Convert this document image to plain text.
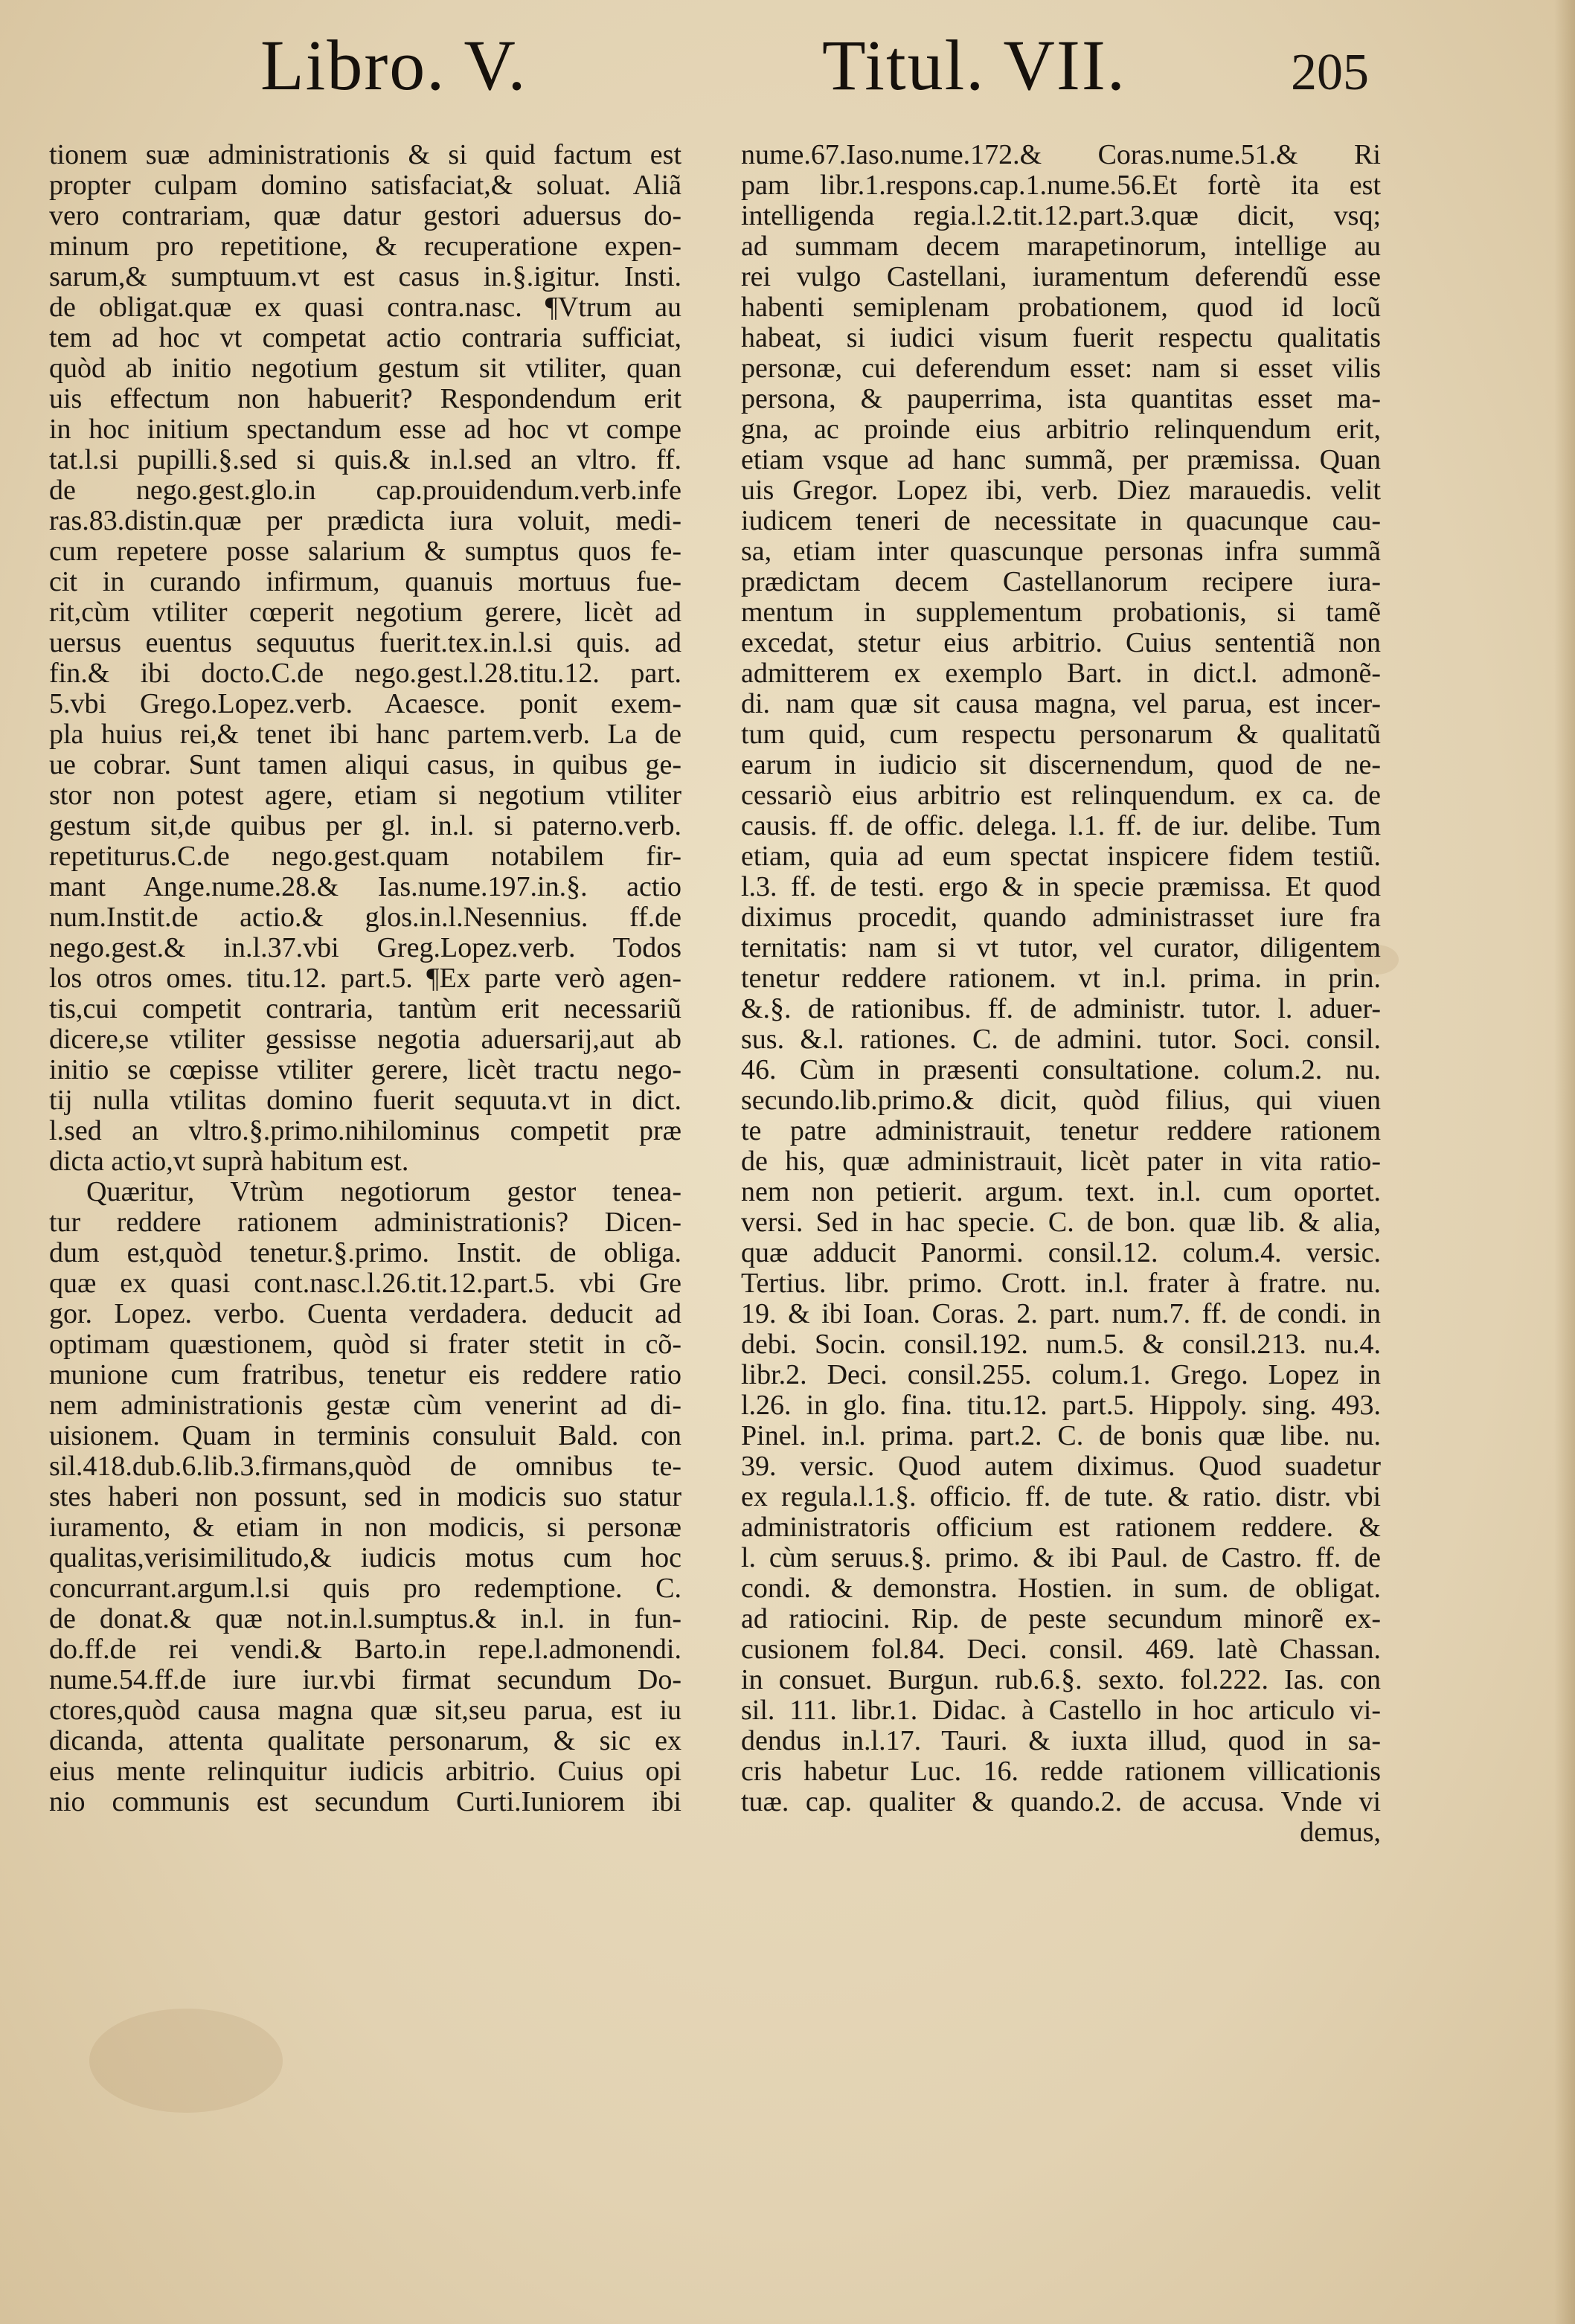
Libro. V.	Titul. VII.	205
tionem suæ administrationis & si quid factum est
propter culpam domino satisfaciat,& soluat. Aliã
vero contrariam, quæ datur gestori aduersus do-
minum pro repetitione, & recuperatione expen-
sarum,& sumptuum.vt est casus in.§.igitur. Insti.
de obligat.quæ ex quasi contra.nasc. ¶Vtrum au
tem ad hoc vt competat actio contraria sufficiat,
quòd ab initio negotium gestum sit vtiliter, quan
uis effectum non habuerit? Respondendum erit
in hoc initium spectandum esse ad hoc vt compe
tat.l.si pupilli.§.sed si quis.& in.l.sed an vltro. ff.
de nego.gest.glo.in cap.prouidendum.verb.infe
ras.83.distin.quæ per prædicta iura voluit, medi-
cum repetere posse salarium & sumptus quos fe-
cit in curando infirmum, quanuis mortuus fue-
rit,cùm vtiliter cœperit negotium gerere, licèt ad
uersus euentus sequutus fuerit.tex.in.l.si quis. ad
fin.& ibi docto.C.de nego.gest.l.28.titu.12. part.
5.vbi Grego.Lopez.verb. Acaesce. ponit exem-
pla huius rei,& tenet ibi hanc partem.verb. La de
ue cobrar. Sunt tamen aliqui casus, in quibus ge-
stor non potest agere, etiam si negotium vtiliter
gestum sit,de quibus per gl. in.l. si paterno.verb.
repetiturus.C.de nego.gest.quam notabilem fir-
mant Ange.nume.28.& Ias.nume.197.in.§. actio
num.Instit.de actio.& glos.in.l.Nesennius. ff.de
nego.gest.& in.l.37.vbi Greg.Lopez.verb. Todos
los otros omes. titu.12. part.5. ¶Ex parte verò agen-
tis,cui competit contraria, tantùm erit necessariũ
dicere,se vtiliter gessisse negotia aduersarij,aut ab
initio se cœpisse vtiliter gerere, licèt tractu nego-
tij nulla vtilitas domino fuerit sequuta.vt in dict.
l.sed an vltro.§.primo.nihilominus competit præ
dicta actio,vt suprà habitum est.
Quæritur, Vtrùm negotiorum gestor tenea-
tur reddere rationem administrationis? Dicen-
dum est,quòd tenetur.§.primo. Instit. de obliga.
quæ ex quasi cont.nasc.l.26.tit.12.part.5. vbi Gre
gor. Lopez. verbo. Cuenta verdadera. deducit ad
optimam quæstionem, quòd si frater stetit in cõ-
munione cum fratribus, tenetur eis reddere ratio
nem administrationis gestæ cùm venerint ad di-
uisionem. Quam in terminis consuluit Bald. con
sil.418.dub.6.lib.3.firmans,quòd de omnibus te-
stes haberi non possunt, sed in modicis suo statur
iuramento, & etiam in non modicis, si personæ
qualitas,verisimilitudo,& iudicis motus cum hoc
concurrant.argum.l.si quis pro redemptione. C.
de donat.& quæ not.in.l.sumptus.& in.l. in fun-
do.ff.de rei vendi.& Barto.in repe.l.admonendi.
nume.54.ff.de iure iur.vbi firmat secundum Do-
ctores,quòd causa magna quæ sit,seu parua, est iu
dicanda, attenta qualitate personarum, & sic ex
eius mente relinquitur iudicis arbitrio. Cuius opi
nio communis est secundum Curti.Iuniorem ibi
nume.67.Iaso.nume.172.& Coras.nume.51.& Ri
pam libr.1.respons.cap.1.nume.56.Et fortè ita est
intelligenda regia.l.2.tit.12.part.3.quæ dicit, vsq;
ad summam decem marapetinorum, intellige au
rei vulgo Castellani, iuramentum deferendũ esse
habenti semiplenam probationem, quod id locũ
habeat, si iudici visum fuerit respectu qualitatis
personæ, cui deferendum esset: nam si esset vilis
persona, & pauperrima, ista quantitas esset ma-
gna, ac proinde eius arbitrio relinquendum erit,
etiam vsque ad hanc summã, per præmissa. Quan
uis Gregor. Lopez ibi, verb. Diez marauedis. velit
iudicem teneri de necessitate in quacunque cau-
sa, etiam inter quascunque personas infra summã
prædictam decem Castellanorum recipere iura-
mentum in supplementum probationis, si tamẽ
excedat, stetur eius arbitrio. Cuius sententiã non
admitterem ex exemplo Bart. in dict.l. admonẽ-
di. nam quæ sit causa magna, vel parua, est incer-
tum quid, cum respectu personarum & qualitatũ
earum in iudicio sit discernendum, quod de ne-
cessariò eius arbitrio est relinquendum. ex ca. de
causis. ff. de offic. delega. l.1. ff. de iur. delibe. Tum
etiam, quia ad eum spectat inspicere fidem testiũ.
l.3. ff. de testi. ergo & in specie præmissa. Et quod
diximus procedit, quando administrasset iure fra
ternitatis: nam si vt tutor, vel curator, diligentem
tenetur reddere rationem. vt in.l. prima. in prin.
&.§. de rationibus. ff. de administr. tutor. l. aduer-
sus. &.l. rationes. C. de admini. tutor. Soci. consil.
46. Cùm in præsenti consultatione. colum.2. nu.
secundo.lib.primo.& dicit, quòd filius, qui viuen
te patre administrauit, tenetur reddere rationem
de his, quæ administrauit, licèt pater in vita ratio-
nem non petierit. argum. text. in.l. cum oportet.
versi. Sed in hac specie. C. de bon. quæ lib. & alia,
quæ adducit Panormi. consil.12. colum.4. versic.
Tertius. libr. primo. Crott. in.l. frater à fratre. nu.
19. & ibi Ioan. Coras. 2. part. num.7. ff. de condi. in
debi. Socin. consil.192. num.5. & consil.213. nu.4.
libr.2. Deci. consil.255. colum.1. Grego. Lopez in
l.26. in glo. fina. titu.12. part.5. Hippoly. sing. 493.
Pinel. in.l. prima. part.2. C. de bonis quæ libe. nu.
39. versic. Quod autem diximus. Quod suadetur
ex regula.l.1.§. officio. ff. de tute. & ratio. distr. vbi
administratoris officium est rationem reddere. &
l. cùm seruus.§. primo. & ibi Paul. de Castro. ff. de
condi. & demonstra. Hostien. in sum. de obligat.
ad ratiocini. Rip. de peste secundum minorẽ ex-
cusionem fol.84. Deci. consil. 469. latè Chassan.
in consuet. Burgun. rub.6.§. sexto. fol.222. Ias. con
sil. 111. libr.1. Didac. à Castello in hoc articulo vi-
dendus in.l.17. Tauri. & iuxta illud, quod in sa-
cris habetur Luc. 16. redde rationem villicationis
tuæ. cap. qualiter & quando.2. de accusa. Vnde vi
demus,
